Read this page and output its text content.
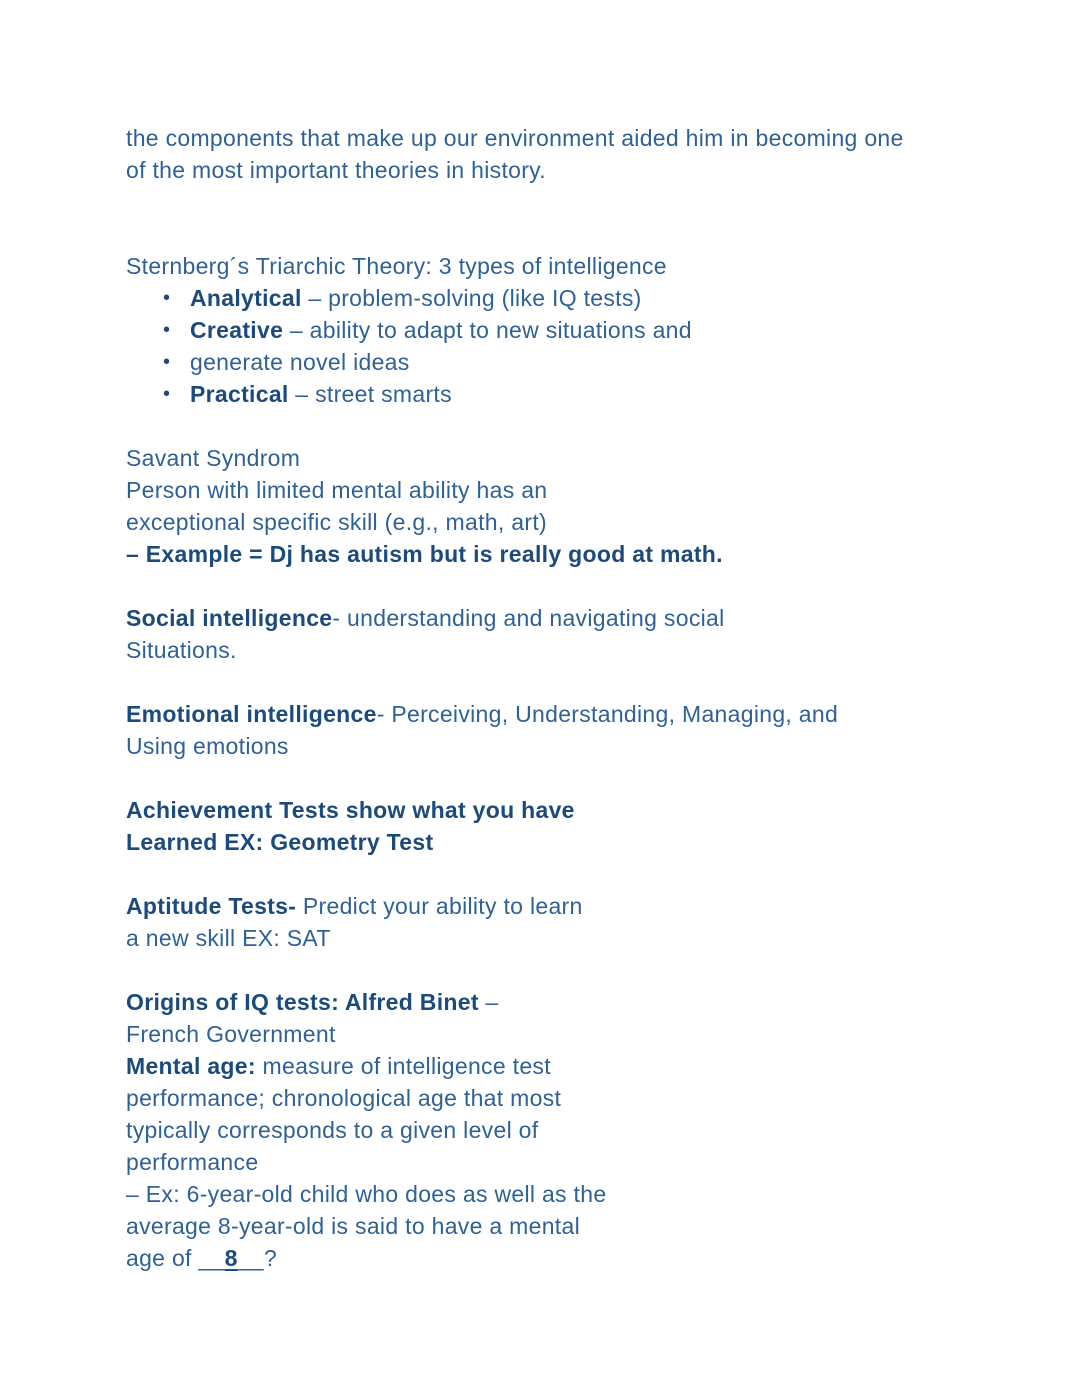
the components that make up our environment aided him in becoming one
of the most important theories in history.
Sternberg´s Triarchic Theory: 3 types of intelligence
• Analytical – problem-solving (like IQ tests)
• Creative – ability to adapt to new situations and
• generate novel ideas
• Practical – street smarts
Savant Syndrom
Person with limited mental ability has an
exceptional specific skill (e.g., math, art)
– Example = Dj has autism but is really good at math.
Social intelligence- understanding and navigating social
Situations.
Emotional intelligence- Perceiving, Understanding, Managing, and
Using emotions
Achievement Tests show what you have
Learned EX: Geometry Test
Aptitude Tests- Predict your ability to learn
a new skill EX: SAT
Origins of IQ tests: Alfred Binet –
French Government
Mental age: measure of intelligence test
performance; chronological age that most
typically corresponds to a given level of
performance
– Ex: 6-year-old child who does as well as the
average 8-year-old is said to have a mental
age of __8__?
